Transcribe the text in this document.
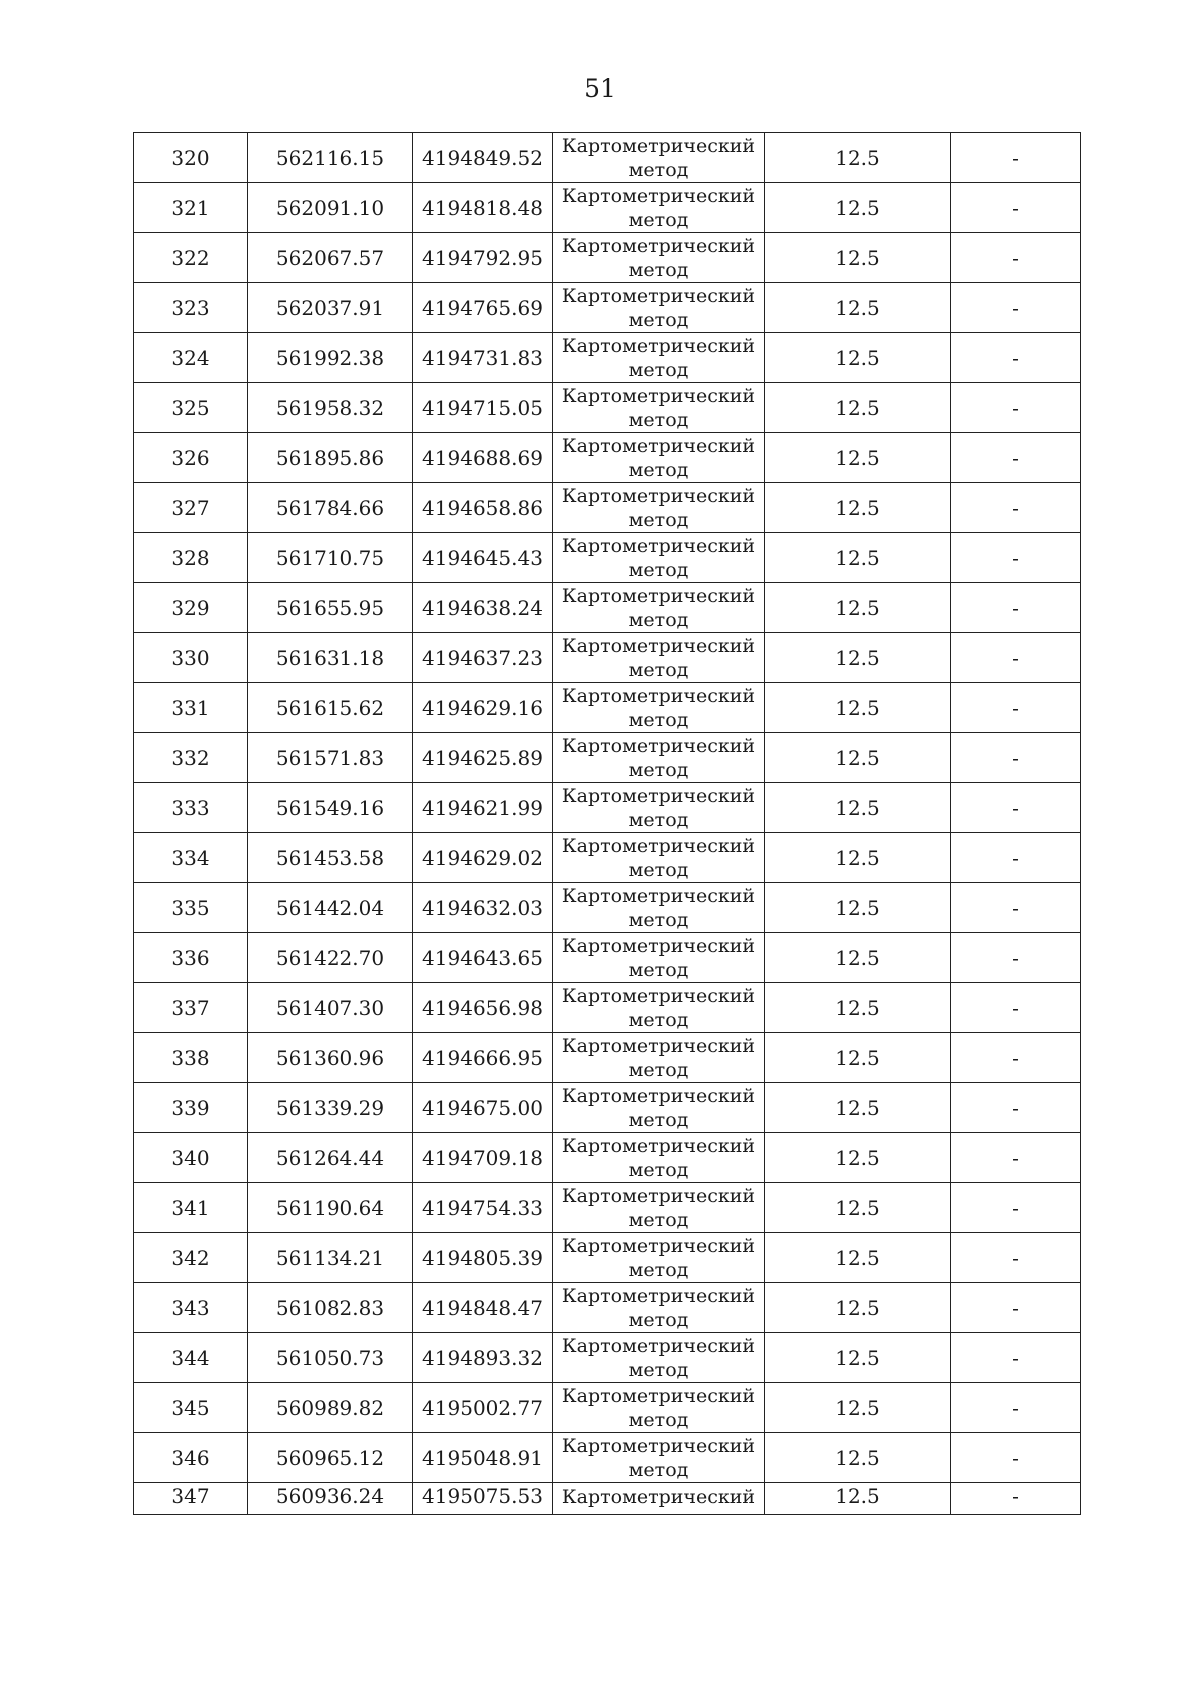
51
320	562116.15	4194849.52	Картометрический метод	12.5	-
321	562091.10	4194818.48	Картометрический метод	12.5	-
322	562067.57	4194792.95	Картометрический метод	12.5	-
323	562037.91	4194765.69	Картометрический метод	12.5	-
324	561992.38	4194731.83	Картометрический метод	12.5	-
325	561958.32	4194715.05	Картометрический метод	12.5	-
326	561895.86	4194688.69	Картометрический метод	12.5	-
327	561784.66	4194658.86	Картометрический метод	12.5	-
328	561710.75	4194645.43	Картометрический метод	12.5	-
329	561655.95	4194638.24	Картометрический метод	12.5	-
330	561631.18	4194637.23	Картометрический метод	12.5	-
331	561615.62	4194629.16	Картометрический метод	12.5	-
332	561571.83	4194625.89	Картометрический метод	12.5	-
333	561549.16	4194621.99	Картометрический метод	12.5	-
334	561453.58	4194629.02	Картометрический метод	12.5	-
335	561442.04	4194632.03	Картометрический метод	12.5	-
336	561422.70	4194643.65	Картометрический метод	12.5	-
337	561407.30	4194656.98	Картометрический метод	12.5	-
338	561360.96	4194666.95	Картометрический метод	12.5	-
339	561339.29	4194675.00	Картометрический метод	12.5	-
340	561264.44	4194709.18	Картометрический метод	12.5	-
341	561190.64	4194754.33	Картометрический метод	12.5	-
342	561134.21	4194805.39	Картометрический метод	12.5	-
343	561082.83	4194848.47	Картометрический метод	12.5	-
344	561050.73	4194893.32	Картометрический метод	12.5	-
345	560989.82	4195002.77	Картометрический метод	12.5	-
346	560965.12	4195048.91	Картометрический метод	12.5	-
347	560936.24	4195075.53	Картометрический	12.5	-
